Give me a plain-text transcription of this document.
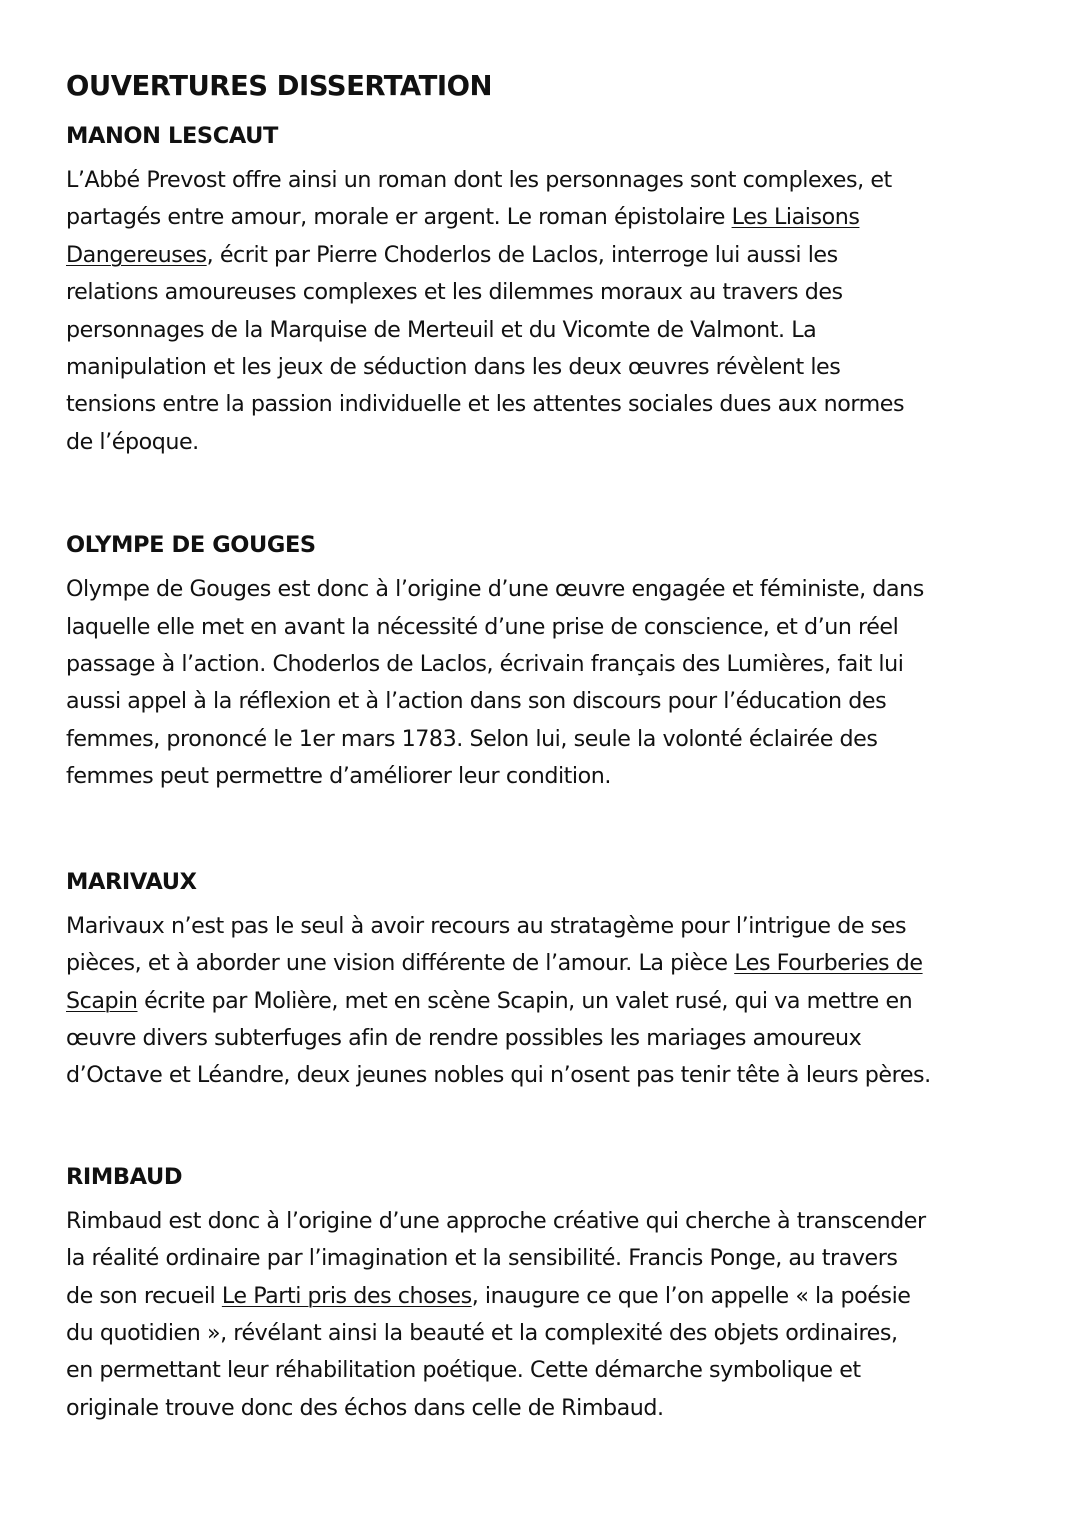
OUVERTURES DISSERTATION
MANON LESCAUT

L’Abbé Prevost offre ainsi un roman dont les personnages sont complexes, et
partagés entre amour, morale er argent. Le roman épistolaire Les Liaisons
Dangereuses, écrit par Pierre Choderlos de Laclos, interroge lui aussi les
relations amoureuses complexes et les dilemmes moraux au travers des
personnages de la Marquise de Merteuil et du Vicomte de Valmont. La
manipulation et les jeux de séduction dans les deux œuvres révèlent les
tensions entre la passion individuelle et les attentes sociales dues aux normes
de l’époque.

OLYMPE DE GOUGES

Olympe de Gouges est donc à l’origine d’une œuvre engagée et féministe, dans
laquelle elle met en avant la nécessité d’une prise de conscience, et d’un réel
passage à l’action. Choderlos de Laclos, écrivain français des Lumières, fait lui
aussi appel à la réflexion et à l’action dans son discours pour l’éducation des
femmes, prononcé le 1er mars 1783. Selon lui, seule la volonté éclairée des
femmes peut permettre d’améliorer leur condition.

MARIVAUX

Marivaux n’est pas le seul à avoir recours au stratagème pour l’intrigue de ses
pièces, et à aborder une vision différente de l’amour. La pièce Les Fourberies de
Scapin écrite par Molière, met en scène Scapin, un valet rusé, qui va mettre en
œuvre divers subterfuges afin de rendre possibles les mariages amoureux
d’Octave et Léandre, deux jeunes nobles qui n’osent pas tenir tête à leurs pères.

RIMBAUD

Rimbaud est donc à l’origine d’une approche créative qui cherche à transcender
la réalité ordinaire par l’imagination et la sensibilité. Francis Ponge, au travers
de son recueil Le Parti pris des choses, inaugure ce que l’on appelle « la poésie
du quotidien », révélant ainsi la beauté et la complexité des objets ordinaires,
en permettant leur réhabilitation poétique. Cette démarche symbolique et
originale trouve donc des échos dans celle de Rimbaud.
